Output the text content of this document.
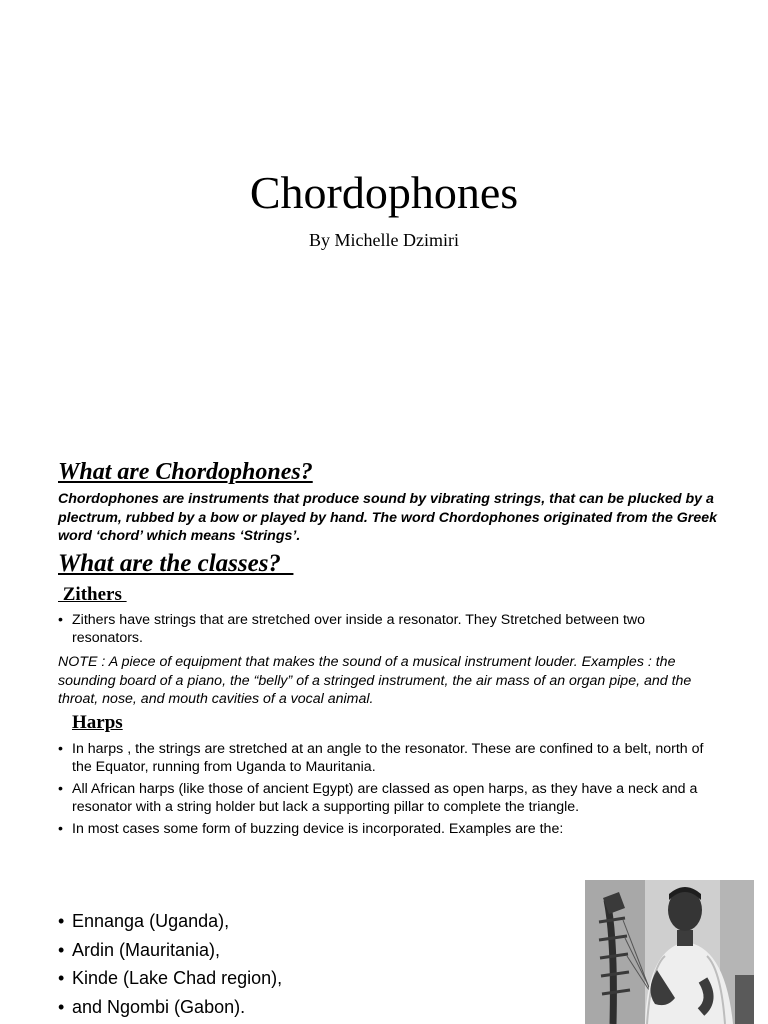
Chordophones

By Michelle Dzimiri

What are Chordophones?

Chordophones are instruments that produce sound by vibrating strings, that can be plucked by a plectrum, rubbed by a bow or played by hand. The word Chordophones originated from the Greek word ‘chord’ which means ‘Strings’.

What are the classes?
Zithers
• Zithers have strings that are stretched over inside a resonator. They Stretched between two resonators.

NOTE : A piece of equipment that makes the sound of a musical instrument louder. Examples : the sounding board of a piano, the “belly” of a stringed instrument, the air mass of an organ pipe, and the throat, nose, and mouth cavities of a vocal animal.

Harps
• In harps , the strings are stretched at an angle to the resonator. These are confined to a belt, north of the Equator, running from Uganda to Mauritania.
• All African harps (like those of ancient Egypt) are classed as open harps, as they have a neck and a resonator with a string holder but lack a supporting pillar to complete the triangle.
• In most cases some form of buzzing device is incorporated. Examples are the:
• Ennanga (Uganda),
• Ardin (Mauritania),
• Kinde (Lake Chad region),
• and Ngombi (Gabon).
